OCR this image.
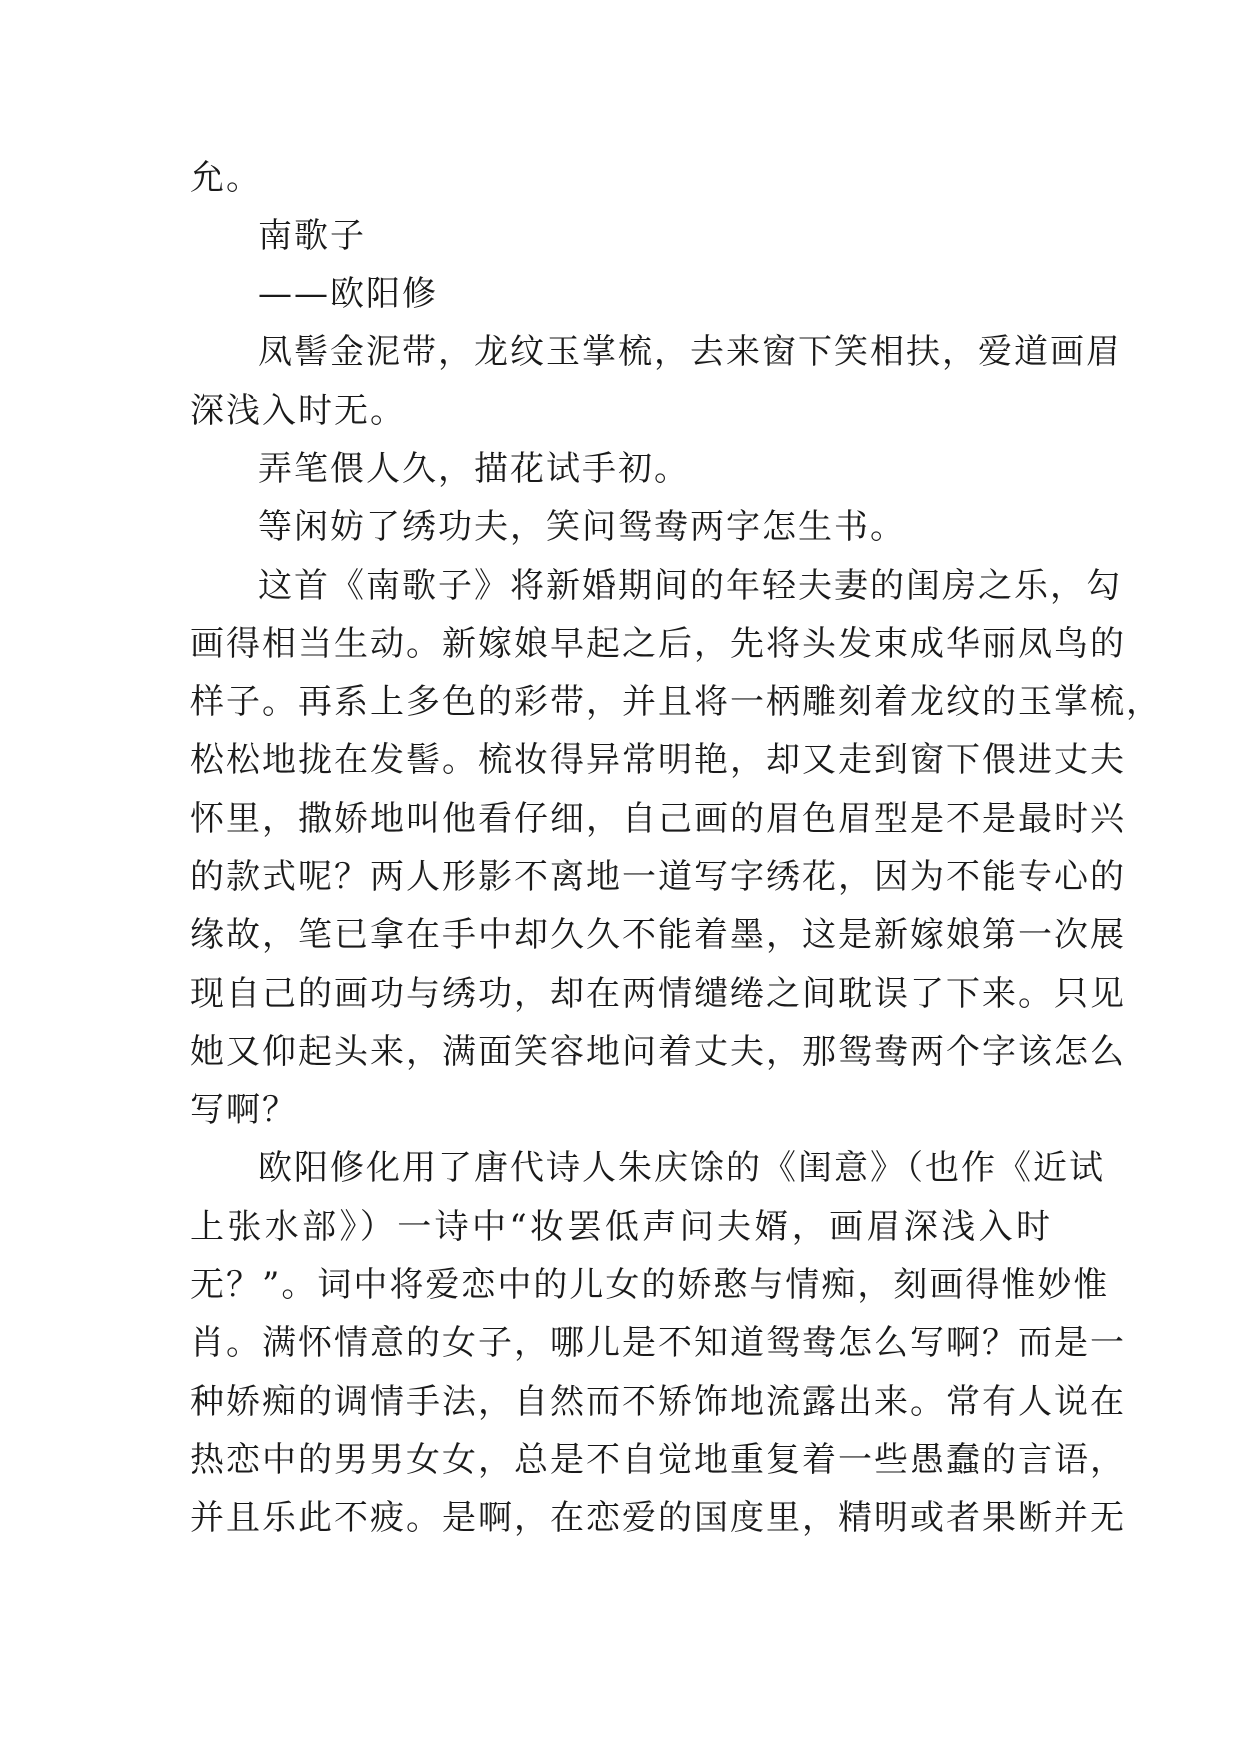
允。
南歌子
——欧阳修
凤髻金泥带，龙纹玉掌梳，去来窗下笑相扶，爱道画眉
深浅入时无。
弄笔偎人久，描花试手初。
等闲妨了绣功夫，笑问鸳鸯两字怎生书。
这首《南歌子》将新婚期间的年轻夫妻的闺房之乐，勾
画得相当生动。新嫁娘早起之后，先将头发束成华丽凤鸟的
样子。再系上多色的彩带，并且将一柄雕刻着龙纹的玉掌梳，
松松地拢在发髻。梳妆得异常明艳，却又走到窗下偎进丈夫
怀里，撒娇地叫他看仔细，自己画的眉色眉型是不是最时兴
的款式呢？两人形影不离地一道写字绣花，因为不能专心的
缘故，笔已拿在手中却久久不能着墨，这是新嫁娘第一次展
现自己的画功与绣功，却在两情缱绻之间耽误了下来。只见
她又仰起头来，满面笑容地问着丈夫，那鸳鸯两个字该怎么
写啊？
欧阳修化用了唐代诗人朱庆馀的《闺意》（也作《近试
上张水部》）一诗中“妆罢低声问夫婿，画眉深浅入时
无？”。词中将爱恋中的儿女的娇憨与情痴，刻画得惟妙惟
肖。满怀情意的女子，哪儿是不知道鸳鸯怎么写啊？而是一
种娇痴的调情手法，自然而不矫饰地流露出来。常有人说在
热恋中的男男女女，总是不自觉地重复着一些愚蠢的言语，
并且乐此不疲。是啊，在恋爱的国度里，精明或者果断并无
